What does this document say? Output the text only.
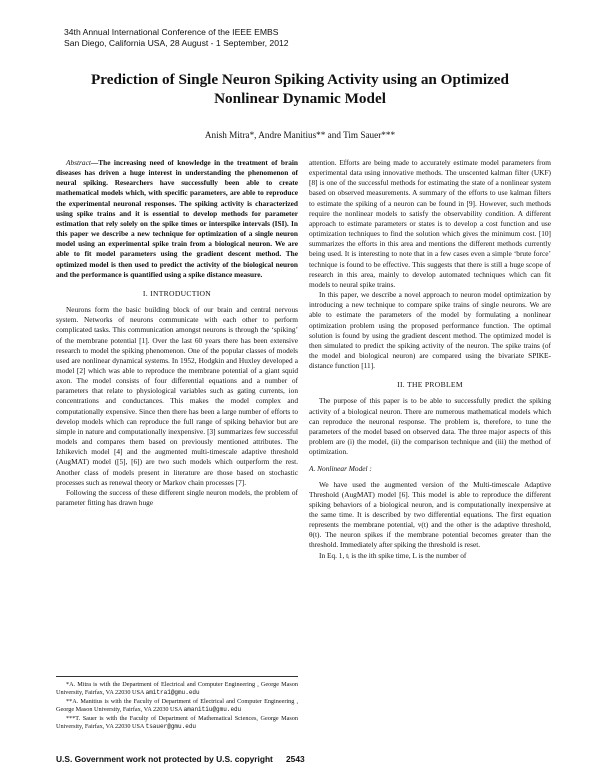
34th Annual International Conference of the IEEE EMBS
San Diego, California USA, 28 August - 1 September, 2012
Prediction of Single Neuron Spiking Activity using an Optimized
Nonlinear Dynamic Model
Anish Mitra*, Andre Manitius** and Tim Sauer***

Abstract—The increasing need of knowledge in the treatment of brain diseases has driven a huge interest in understanding the phenomenon of neural spiking. Researchers have successfully been able to create mathematical models which, with specific parameters, are able to reproduce the experimental neuronal responses. The spiking activity is characterized using spike trains and it is essential to develop methods for parameter estimation that rely solely on the spike times or interspike intervals (ISI). In this paper we describe a new technique for optimization of a single neuron model using an experimental spike train from a biological neuron. We are able to fit model parameters using the gradient descent method. The optimized model is then used to predict the activity of the biological neuron and the performance is quantified using a spike distance measure.

I. INTRODUCTION

Neurons form the basic building block of our brain and central nervous system. Networks of neurons communicate with each other to perform complicated tasks. This communication amongst neurons is through the ‘spiking’ of the membrane potential [1]. Over the last 60 years there has been extensive research to model the spiking phenomenon. One of the popular classes of models used are nonlinear dynamical systems. In 1952, Hodgkin and Huxley developed a model [2] which was able to reproduce the membrane potential of a giant squid axon. The model consists of four differential equations and a number of parameters that relate to physiological variables such as gating currents, ion concentrations and conductances. This makes the model complex and computationally expensive. Since then there has been a large number of efforts to develop models which can reproduce the full range of spiking behavior but are simple in nature and computationally inexpensive. [3] summarizes few successful models and compares them based on previously mentioned attributes. The Izhikevich model [4] and the augmented multi-timescale adaptive threshold (AugMAT) model ([5], [6]) are two such models which outperform the rest. Another class of models present in literature are those based on stochastic processes such as renewal theory or Markov chain processes [7].

Following the success of these different single neuron models, the problem of parameter fitting has drawn huge

attention. Efforts are being made to accurately estimate model parameters from experimental data using innovative methods. The unscented kalman filter (UKF) [8] is one of the successful methods for estimating the state of a nonlinear system based on observed measurements. A summary of the efforts to use kalman filters to estimate the spiking of a neuron can be found in [9]. However, such methods require the nonlinear models to satisfy the observability condition. A different approach to estimate parameters or states is to develop a cost function and use optimization techniques to find the solution which gives the minimum cost. [10] summarizes the efforts in this area and mentions the different methods currently being used. It is interesting to note that in a few cases even a simple ‘brute force’ technique is found to be effective. This suggests that there is still a huge scope of research in this area, mainly to develop automated techniques which can fit models to neural spike trains.

In this paper, we describe a novel approach to neuron model optimization by introducing a new technique to compare spike trains of single neurons. We are able to estimate the parameters of the model by formulating a nonlinear optimization problem using the proposed performance function. The optimal solution is found by using the gradient descent method. The optimized model is then simulated to predict the spiking activity of the neuron. The spike trains (of the model and biological neuron) are compared using the bivariate SPIKE-distance function [11].

II. THE PROBLEM

The purpose of this paper is to be able to successfully predict the spiking activity of a biological neuron. There are numerous mathematical models which can reproduce the neuronal response. The problem is, therefore, to tune the parameters of the model based on observed data. The three major aspects of this problem are (i) the model, (ii) the comparison technique and (iii) the method of optimization.

A. Nonlinear Model :

We have used the augmented version of the Multi-timescale Adaptive Threshold (AugMAT) model [6]. This model is able to reproduce the different spiking behaviors of a biological neuron, and is computationally inexpensive at the same time. It is described by two differential equations. The first equation represents the membrane potential, v(t) and the other is the adaptive threshold, θ(t). The neuron spikes if the membrane potential becomes greater than the threshold. Immediately after spiking the threshold is reset.

In Eq. 1, tᵢ is the ith spike time, L is the number of

*A. Mitra is with the Department of Electrical and Computer Engineering , George Mason University, Fairfax, VA 22030 USA amitra1@gmu.edu

**A. Manitius is with the Faculty of Department of Electrical and Computer Engineering , George Mason University, Fairfax, VA 22030 USA amanitiu@gmu.edu

***T. Sauer is with the Faculty of Department of Mathematical Sciences, George Mason University, Fairfax, VA 22030 USA tsauer@gmu.edu

U.S. Government work not protected by U.S. copyright 2543
